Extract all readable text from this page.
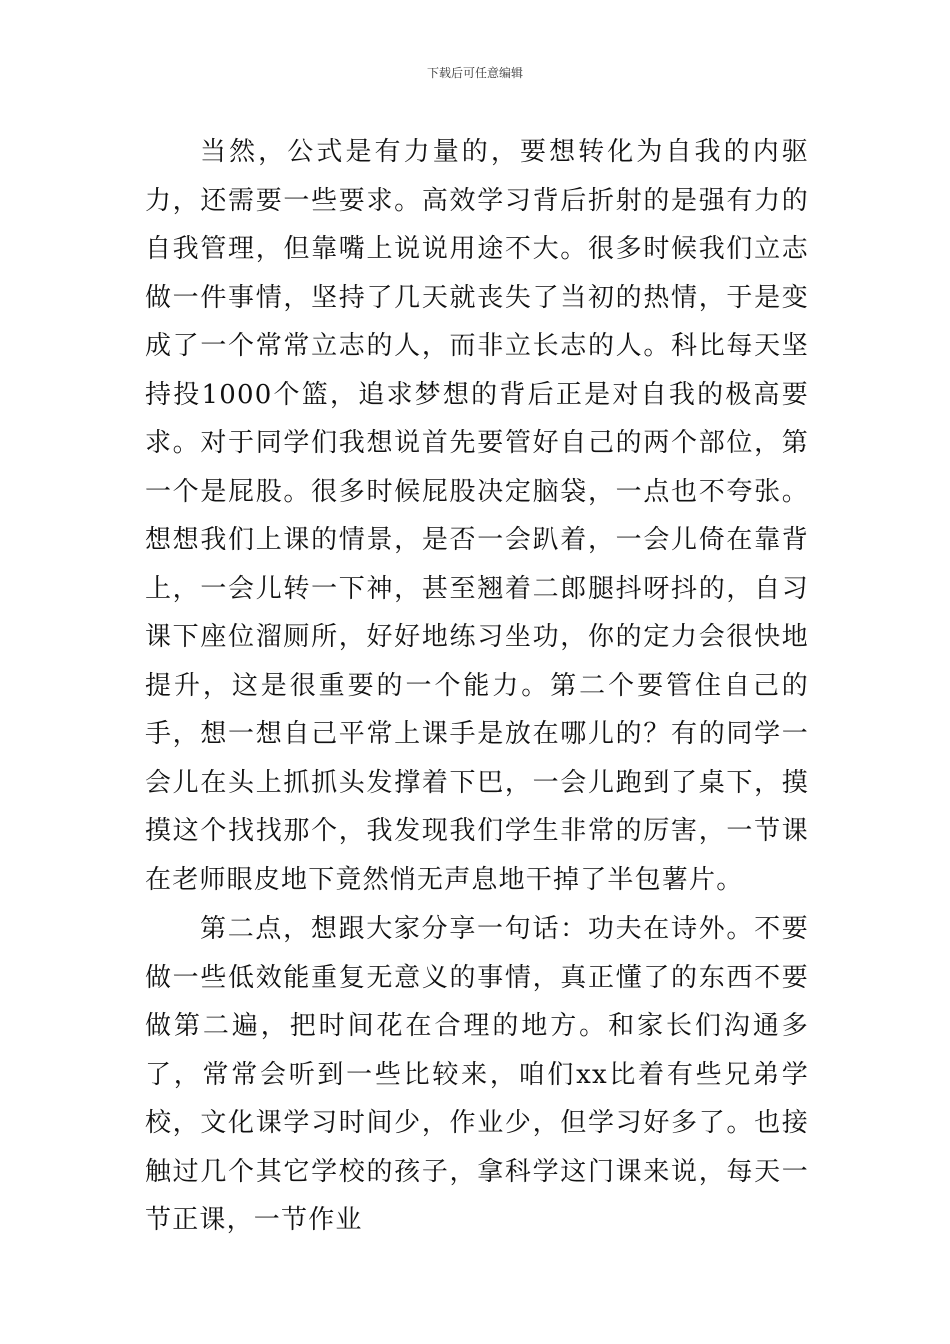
下载后可任意编辑

当然，公式是有力量的，要想转化为自我的内驱力，还需要一些要求。高效学习背后折射的是强有力的自我管理，但靠嘴上说说用途不大。很多时候我们立志做一件事情，坚持了几天就丧失了当初的热情，于是变成了一个常常立志的人，而非立长志的人。科比每天坚持投1000个篮，追求梦想的背后正是对自我的极高要求。对于同学们我想说首先要管好自己的两个部位，第一个是屁股。很多时候屁股决定脑袋，一点也不夸张。想想我们上课的情景，是否一会趴着，一会儿倚在靠背上，一会儿转一下神，甚至翘着二郎腿抖呀抖的，自习课下座位溜厕所，好好地练习坐功，你的定力会很快地提升，这是很重要的一个能力。第二个要管住自己的手，想一想自己平常上课手是放在哪儿的？有的同学一会儿在头上抓抓头发撑着下巴，一会儿跑到了桌下，摸摸这个找找那个，我发现我们学生非常的厉害，一节课在老师眼皮地下竟然悄无声息地干掉了半包薯片。

第二点，想跟大家分享一句话：功夫在诗外。不要做一些低效能重复无意义的事情，真正懂了的东西不要做第二遍，把时间花在合理的地方。和家长们沟通多了，常常会听到一些比较来，咱们xx比着有些兄弟学校，文化课学习时间少，作业少，但学习好多了。也接触过几个其它学校的孩子，拿科学这门课来说，每天一节正课，一节作业
